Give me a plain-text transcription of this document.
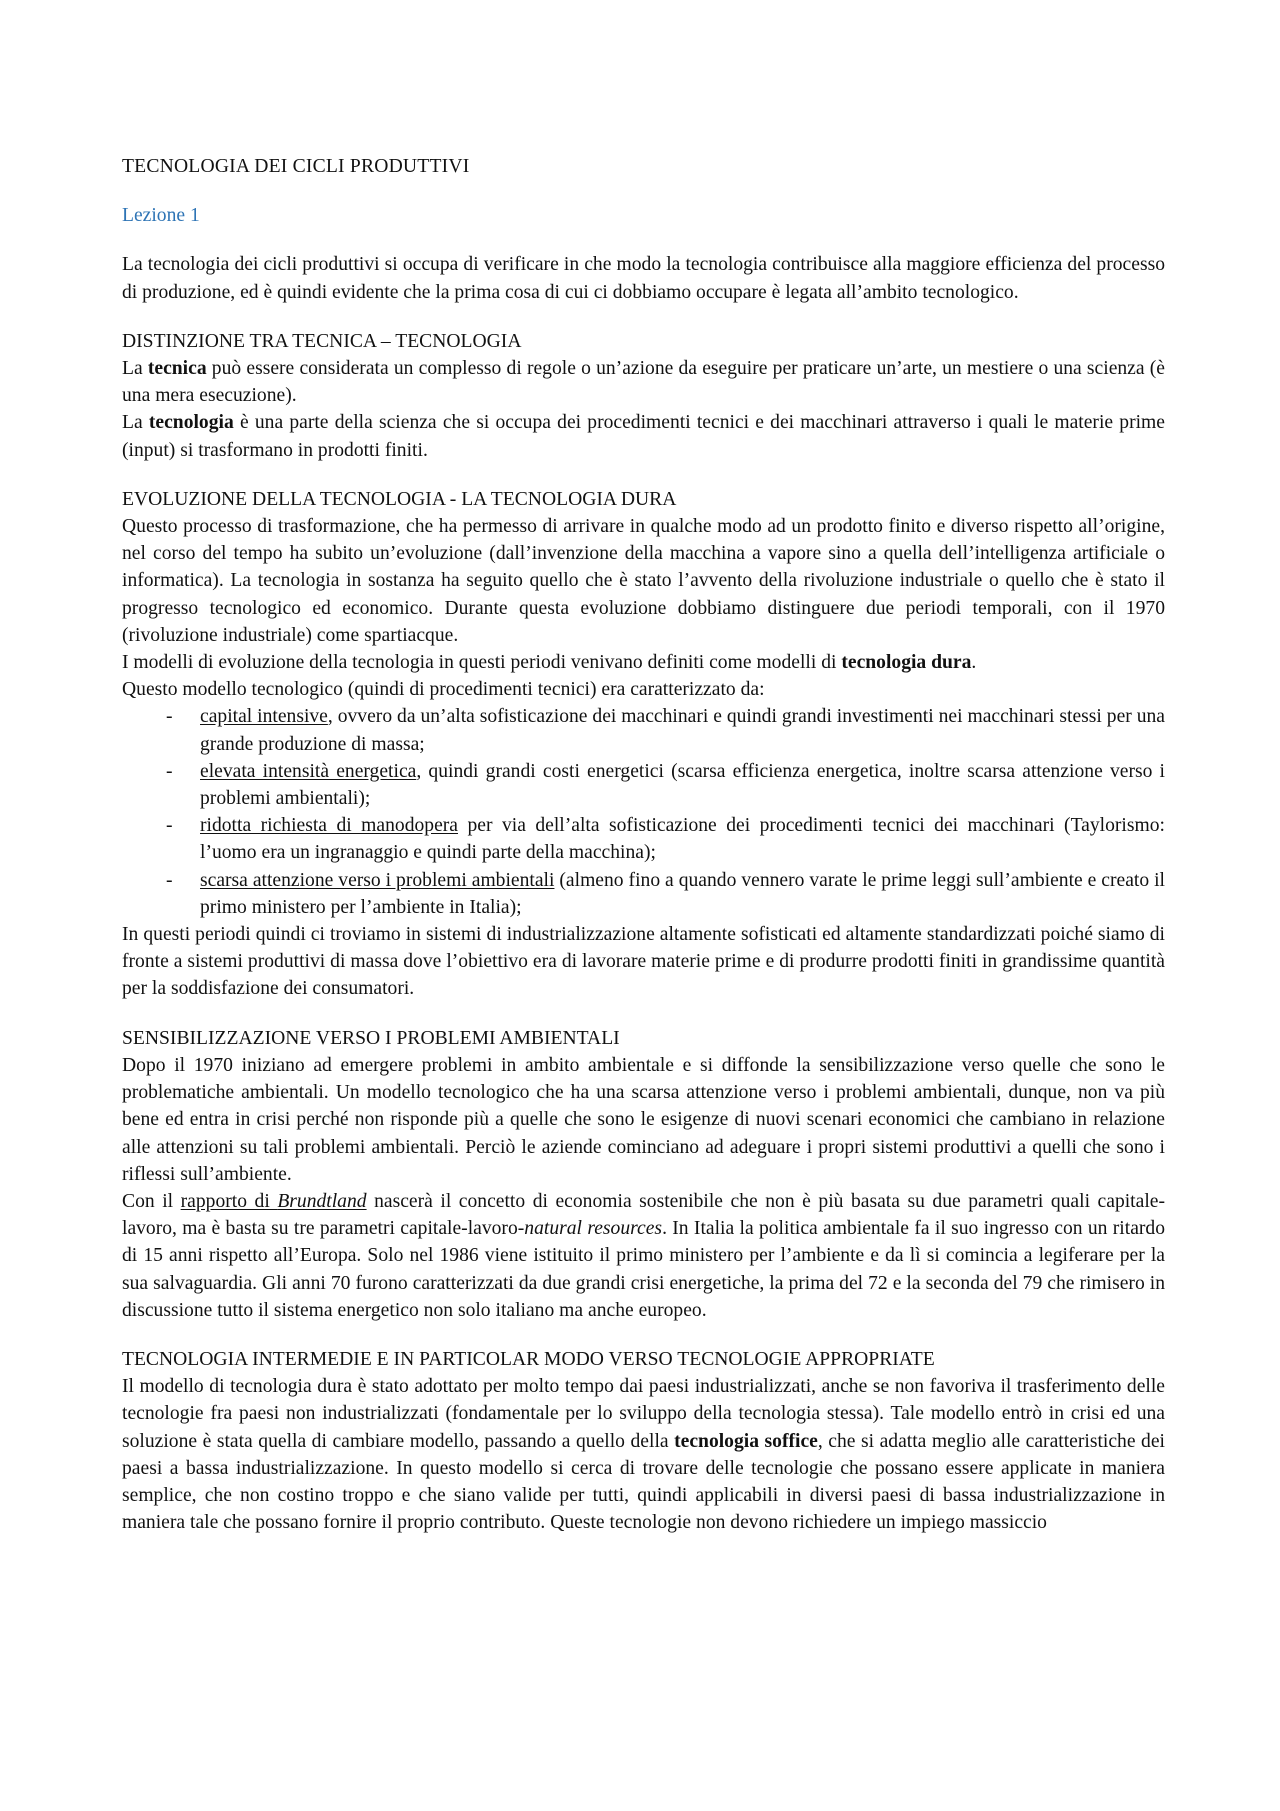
TECNOLOGIA DEI CICLI PRODUTTIVI
Lezione 1

La tecnologia dei cicli produttivi si occupa di verificare in che modo la tecnologia contribuisce alla maggiore efficienza del processo di produzione, ed è quindi evidente che la prima cosa di cui ci dobbiamo occupare è legata all’ambito tecnologico.

DISTINZIONE TRA TECNICA – TECNOLOGIA

La tecnica può essere considerata un complesso di regole o un’azione da eseguire per praticare un’arte, un mestiere o una scienza (è una mera esecuzione).

La tecnologia è una parte della scienza che si occupa dei procedimenti tecnici e dei macchinari attraverso i quali le materie prime (input) si trasformano in prodotti finiti.

EVOLUZIONE DELLA TECNOLOGIA - LA TECNOLOGIA DURA

Questo processo di trasformazione, che ha permesso di arrivare in qualche modo ad un prodotto finito e diverso rispetto all’origine, nel corso del tempo ha subito un’evoluzione (dall’invenzione della macchina a vapore sino a quella dell’intelligenza artificiale o informatica). La tecnologia in sostanza ha seguito quello che è stato l’avvento della rivoluzione industriale o quello che è stato il progresso tecnologico ed economico. Durante questa evoluzione dobbiamo distinguere due periodi temporali, con il 1970 (rivoluzione industriale) come spartiacque.

I modelli di evoluzione della tecnologia in questi periodi venivano definiti come modelli di tecnologia dura.

Questo modello tecnologico (quindi di procedimenti tecnici) era caratterizzato da:

- capital intensive, ovvero da un’alta sofisticazione dei macchinari e quindi grandi investimenti nei macchinari stessi per una grande produzione di massa;
- elevata intensità energetica, quindi grandi costi energetici (scarsa efficienza energetica, inoltre scarsa attenzione verso i problemi ambientali);
- ridotta richiesta di manodopera per via dell’alta sofisticazione dei procedimenti tecnici dei macchinari (Taylorismo: l’uomo era un ingranaggio e quindi parte della macchina);
- scarsa attenzione verso i problemi ambientali (almeno fino a quando vennero varate le prime leggi sull’ambiente e creato il primo ministero per l’ambiente in Italia);

In questi periodi quindi ci troviamo in sistemi di industrializzazione altamente sofisticati ed altamente standardizzati poiché siamo di fronte a sistemi produttivi di massa dove l’obiettivo era di lavorare materie prime e di produrre prodotti finiti in grandissime quantità per la soddisfazione dei consumatori.

SENSIBILIZZAZIONE VERSO I PROBLEMI AMBIENTALI

Dopo il 1970 iniziano ad emergere problemi in ambito ambientale e si diffonde la sensibilizzazione verso quelle che sono le problematiche ambientali. Un modello tecnologico che ha una scarsa attenzione verso i problemi ambientali, dunque, non va più bene ed entra in crisi perché non risponde più a quelle che sono le esigenze di nuovi scenari economici che cambiano in relazione alle attenzioni su tali problemi ambientali. Perciò le aziende cominciano ad adeguare i propri sistemi produttivi a quelli che sono i riflessi sull’ambiente.

Con il rapporto di Brundtland nascerà il concetto di economia sostenibile che non è più basata su due parametri quali capitale-lavoro, ma è basta su tre parametri capitale-lavoro-natural resources. In Italia la politica ambientale fa il suo ingresso con un ritardo di 15 anni rispetto all’Europa. Solo nel 1986 viene istituito il primo ministero per l’ambiente e da lì si comincia a legiferare per la sua salvaguardia. Gli anni 70 furono caratterizzati da due grandi crisi energetiche, la prima del 72 e la seconda del 79 che rimisero in discussione tutto il sistema energetico non solo italiano ma anche europeo.

TECNOLOGIA INTERMEDIE E IN PARTICOLAR MODO VERSO TECNOLOGIE APPROPRIATE

Il modello di tecnologia dura è stato adottato per molto tempo dai paesi industrializzati, anche se non favoriva il trasferimento delle tecnologie fra paesi non industrializzati (fondamentale per lo sviluppo della tecnologia stessa). Tale modello entrò in crisi ed una soluzione è stata quella di cambiare modello, passando a quello della tecnologia soffice, che si adatta meglio alle caratteristiche dei paesi a bassa industrializzazione. In questo modello si cerca di trovare delle tecnologie che possano essere applicate in maniera semplice, che non costino troppo e che siano valide per tutti, quindi applicabili in diversi paesi di bassa industrializzazione in maniera tale che possano fornire il proprio contributo. Queste tecnologie non devono richiedere un impiego massiccio
